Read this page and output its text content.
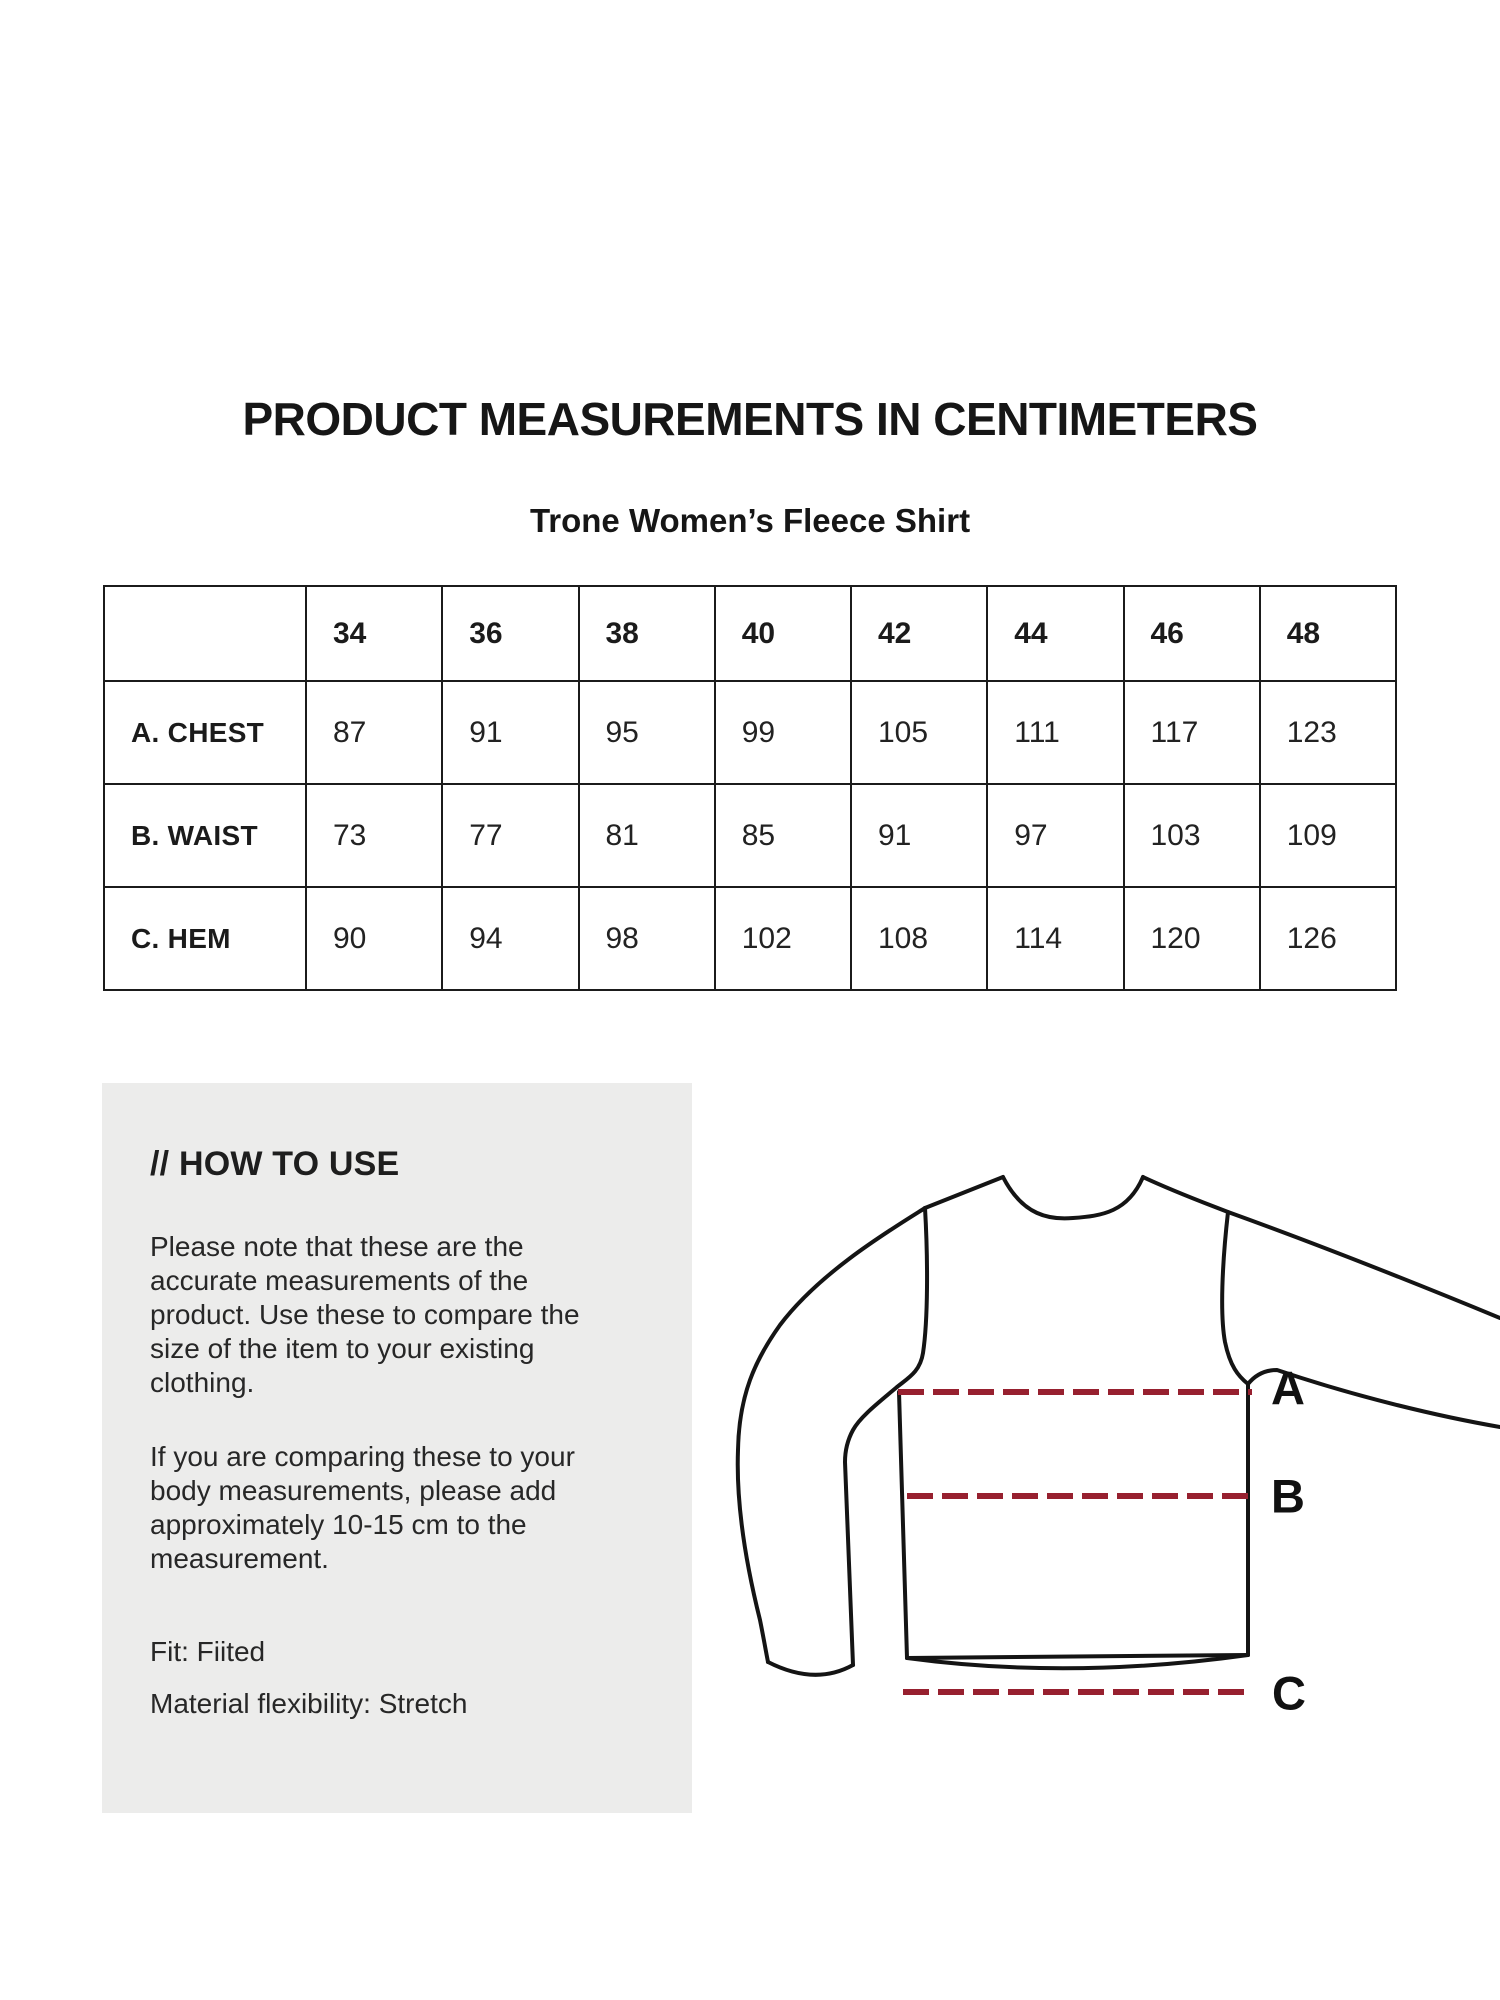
PRODUCT MEASUREMENTS IN CENTIMETERS
Trone Women’s Fleece Shirt
	34	36	38	40	42	44	46	48
A. CHEST	87	91	95	99	105	111	117	123
B. WAIST	73	77	81	85	91	97	103	109
C. HEM	90	94	98	102	108	114	120	126
// HOW TO USE

Please note that these are the accurate measurements of the product. Use these to compare the size of the item to your existing clothing.

If you are comparing these to your body measurements, please add approximately 10-15 cm to the measurement.

Fit: Fiited
Material flexibility: Stretch
A
B
C
